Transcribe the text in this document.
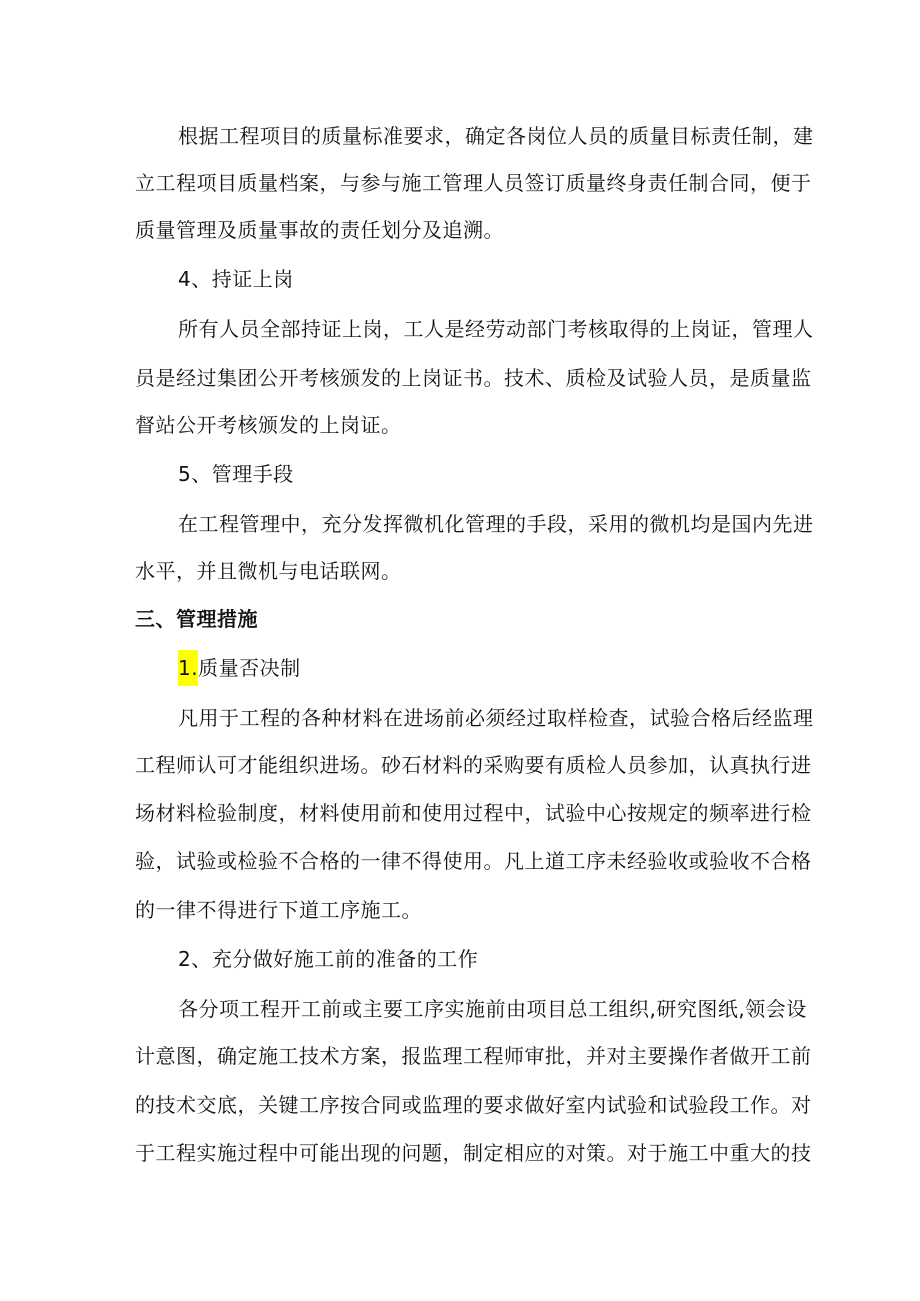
根据工程项目的质量标准要求，确定各岗位人员的质量目标责任制，建
立工程项目质量档案，与参与施工管理人员签订质量终身责任制合同，便于
质量管理及质量事故的责任划分及追溯。
4、持证上岗
所有人员全部持证上岗，工人是经劳动部门考核取得的上岗证，管理人
员是经过集团公开考核颁发的上岗证书。技术、质检及试验人员，是质量监
督站公开考核颁发的上岗证。
5、管理手段
在工程管理中，充分发挥微机化管理的手段，采用的微机均是国内先进
水平，并且微机与电话联网。
三、管理措施
1.质量否决制
凡用于工程的各种材料在进场前必须经过取样检查，试验合格后经监理
工程师认可才能组织进场。砂石材料的采购要有质检人员参加，认真执行进
场材料检验制度，材料使用前和使用过程中，试验中心按规定的频率进行检
验，试验或检验不合格的一律不得使用。凡上道工序未经验收或验收不合格
的一律不得进行下道工序施工。
2、充分做好施工前的准备的工作
各分项工程开工前或主要工序实施前由项目总工组织,研究图纸,领会设
计意图，确定施工技术方案，报监理工程师审批，并对主要操作者做开工前
的技术交底，关键工序按合同或监理的要求做好室内试验和试验段工作。对
于工程实施过程中可能出现的问题，制定相应的对策。对于施工中重大的技
